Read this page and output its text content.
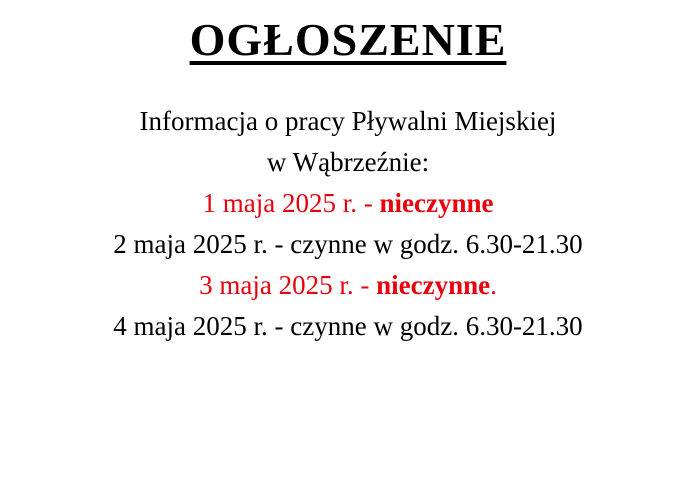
OGŁOSZENIE

Informacja o pracy Pływalni Miejskiej

w Wąbrzeźnie:

1 maja 2025 r. - nieczynne

2 maja 2025 r. - czynne w godz. 6.30-21.30

3 maja 2025 r. - nieczynne.

4 maja 2025 r. - czynne w godz. 6.30-21.30
